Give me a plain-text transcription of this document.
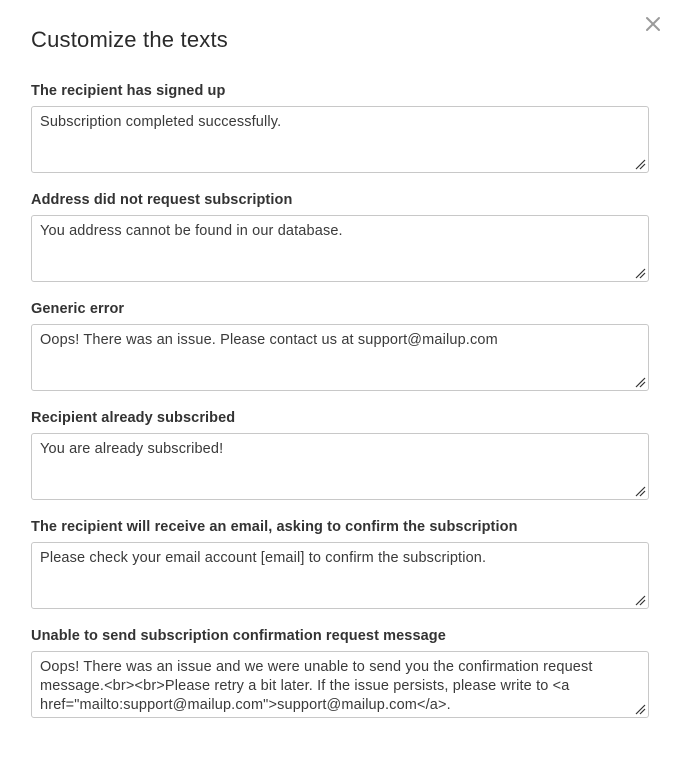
Customize the texts
The recipient has signed up
Subscription completed successfully.
Address did not request subscription
You address cannot be found in our database.
Generic error
Oops! There was an issue. Please contact us at support@mailup.com
Recipient already subscribed
You are already subscribed!
The recipient will receive an email, asking to confirm the subscription
Please check your email account [email] to confirm the subscription.
Unable to send subscription confirmation request message
Oops! There was an issue and we were unable to send you the confirmation request message.<br><br>Please retry a bit later. If the issue persists, please write to <a href="mailto:support@mailup.com">support@mailup.com</a>.
